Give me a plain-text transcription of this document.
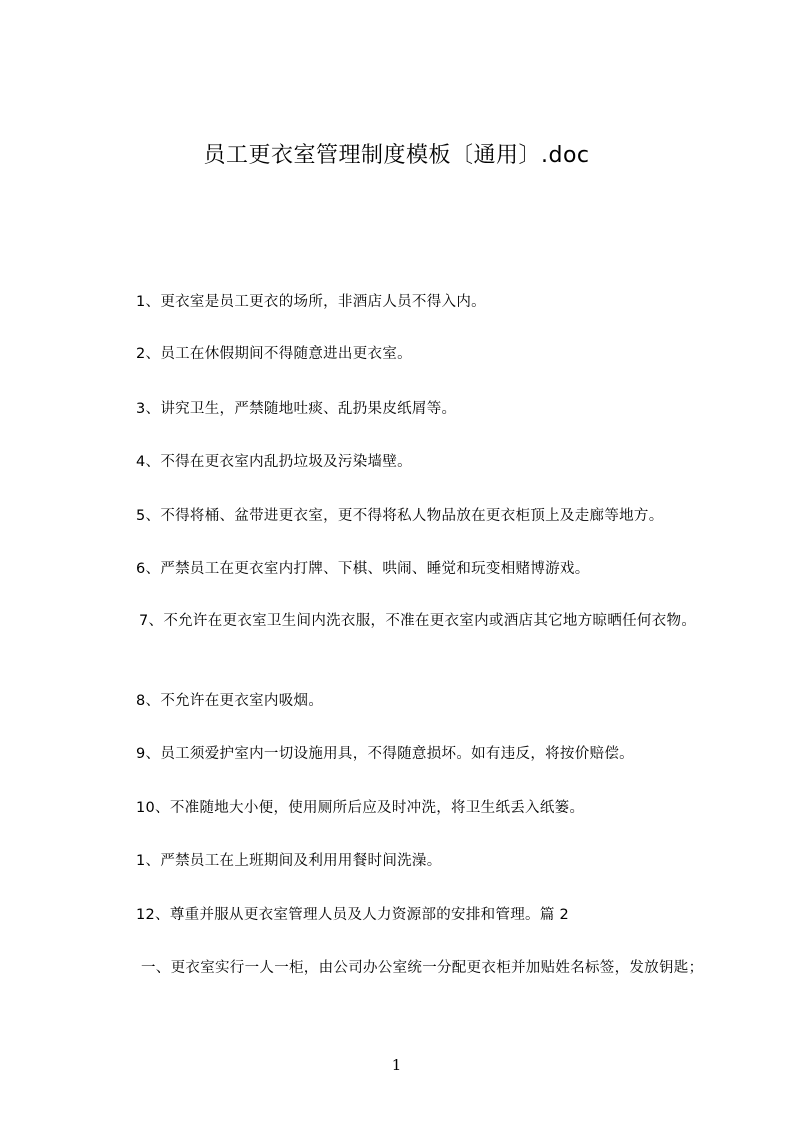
员工更衣室管理制度模板〔通用〕.doc
1、更衣室是员工更衣的场所，非酒店人员不得入内。
2、员工在休假期间不得随意进出更衣室。
3、讲究卫生，严禁随地吐痰、乱扔果皮纸屑等。
4、不得在更衣室内乱扔垃圾及污染墙壁。
5、不得将桶、盆带进更衣室，更不得将私人物品放在更衣柜顶上及走廊等地方。
6、严禁员工在更衣室内打牌、下棋、哄闹、睡觉和玩变相赌博游戏。
7、不允许在更衣室卫生间内洗衣服，不准在更衣室内或酒店其它地方晾晒任何衣物。
8、不允许在更衣室内吸烟。
9、员工须爱护室内一切设施用具，不得随意损坏。如有违反，将按价赔偿。
10、不准随地大小便，使用厕所后应及时冲洗，将卫生纸丢入纸篓。
1、严禁员工在上班期间及利用用餐时间洗澡。
12、尊重并服从更衣室管理人员及人力资源部的安排和管理。篇 2
一、更衣室实行一人一柜，由公司办公室统一分配更衣柜并加贴姓名标签，发放钥匙；
1
